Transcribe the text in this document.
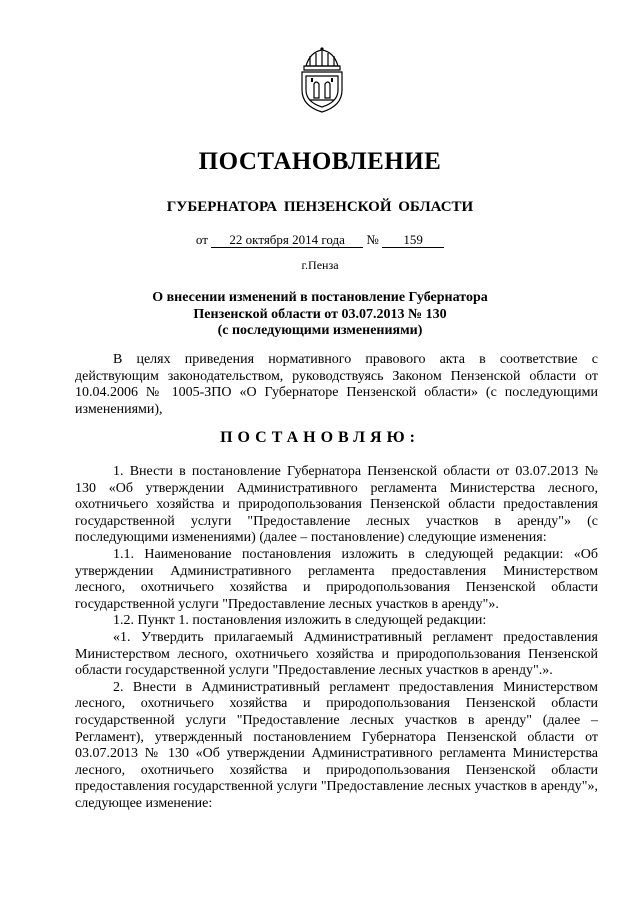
ПОСТАНОВЛЕНИЕ
ГУБЕРНАТОРА ПЕНЗЕНСКОЙ ОБЛАСТИ
от 22 октября 2014 года № 159
г.Пенза
О внесении изменений в постановление Губернатора
Пензенской области от 03.07.2013 № 130
(с последующими изменениями)

В целях приведения нормативного правового акта в соответствие с действующим законодательством, руководствуясь Законом Пензенской области от 10.04.2006 № 1005-ЗПО «О Губернаторе Пензенской области» (с последующими изменениями),

ПОСТАНОВЛЯЮ:

1. Внести в постановление Губернатора Пензенской области от 03.07.2013 № 130 «Об утверждении Административного регламента Министерства лесного, охотничьего хозяйства и природопользования Пензенской области предоставления государственной услуги "Предоставление лесных участков в аренду"» (с последующими изменениями) (далее – постановление) следующие изменения:

1.1. Наименование постановления изложить в следующей редакции: «Об утверждении Административного регламента предоставления Министерством лесного, охотничьего хозяйства и природопользования Пензенской области государственной услуги "Предоставление лесных участков в аренду"».

1.2. Пункт 1. постановления изложить в следующей редакции:

«1. Утвердить прилагаемый Административный регламент предоставления Министерством лесного, охотничьего хозяйства и природопользования Пензенской области государственной услуги "Предоставление лесных участков в аренду".».

2. Внести в Административный регламент предоставления Министерством лесного, охотничьего хозяйства и природопользования Пензенской области государственной услуги "Предоставление лесных участков в аренду" (далее – Регламент), утвержденный постановлением Губернатора Пензенской области от 03.07.2013 № 130 «Об утверждении Административного регламента Министерства лесного, охотничьего хозяйства и природопользования Пензенской области предоставления государственной услуги "Предоставление лесных участков в аренду"», следующее изменение:
